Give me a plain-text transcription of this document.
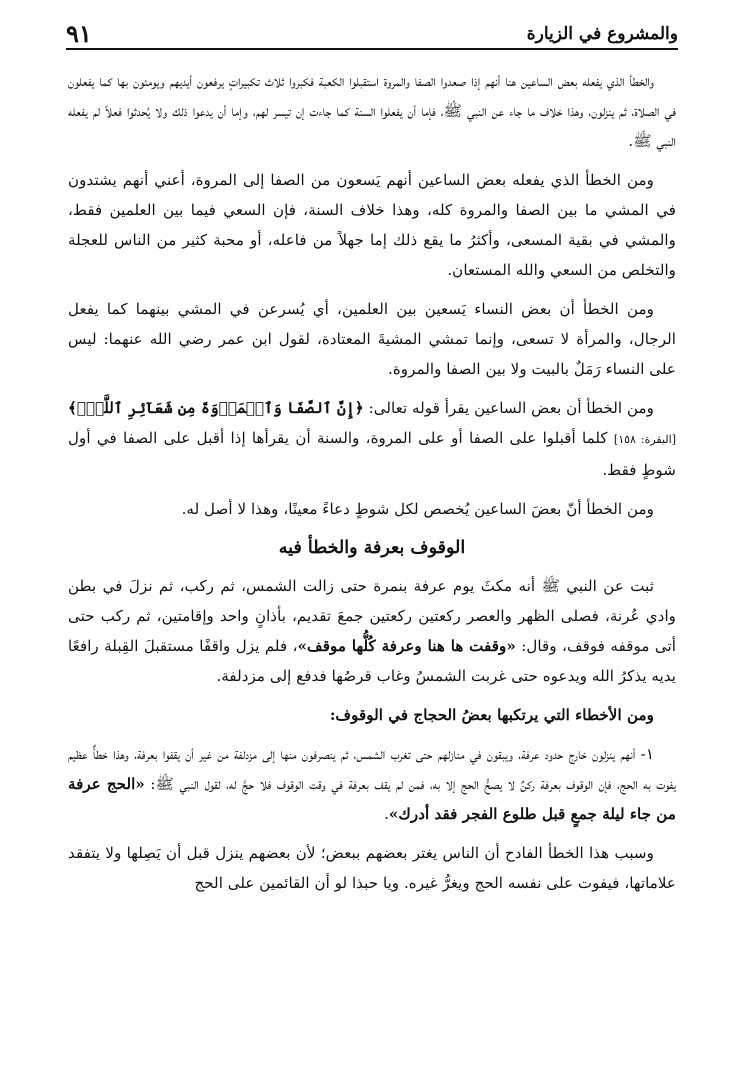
والمشروع في الزيارة
٩١

والخطأ الذي يفعله بعض الساعين هنا أنهم إذا صعدوا الصفا والمروة استقبلوا الكعبة فكبروا ثلاث تكبيراتٍ يرفعون أيديهم ويومئون بها كما يفعلون في الصلاة، ثم ينزلون، وهذا خلاف ما جاء عن النبي ﷺ، فإما أن يفعلوا السنة كما جاءت إن تيسر لهم، وإما أن يدعوا ذلك ولا يُحدثوا فعلاً لم يفعله النبي ﷺ.

ومن الخطأ الذي يفعله بعض الساعين أنهم يَسعون من الصفا إلى المروة، أعني أنهم يشتدون في المشي ما بين الصفا والمروة كله، وهذا خلاف السنة، فإن السعي فيما بين العلمين فقط، والمشي في بقية المسعى، وأكثرُ ما يقع ذلك إما جهلاً من فاعله، أو محبة كثير من الناس للعجلة والتخلص من السعي والله المستعان.

ومن الخطأ أن بعض النساء يَسعين بين العلمين، أي يُسرعن في المشي بينهما كما يفعل الرجال، والمرأة لا تسعى، وإنما تمشي المشيةَ المعتادة، لقول ابن عمر رضي الله عنهما: ليس على النساء رَمَلٌ بالبيت ولا بين الصفا والمروة.

ومن الخطأ أن بعض الساعين يقرأ قوله تعالى: ﴿إِنَّ ٱلصَّفَا وَٱلۡمَرۡوَةَ مِن شَعَآئِرِ ٱللَّهِۖ﴾ [البقرة: ١٥٨] كلما أقبلوا على الصفا أو على المروة، والسنة أن يقرأها إذا أقبل على الصفا في أول شوطٍ فقط.

ومن الخطأ أنّ بعضَ الساعين يُخصص لكل شوطٍ دعاءً معينًا، وهذا لا أصل له.

الوقوف بعرفة والخطأ فيه

ثبت عن النبي ﷺ أنه مكثَ يوم عرفة بنمرة حتى زالت الشمس، ثم ركب، ثم نزلَ في بطن وادي عُرنة، فصلى الظهر والعصر ركعتين ركعتين جمعَ تقديم، بأذانٍ واحد وإقامتين، ثم ركب حتى أتى موقفه فوقف، وقال: «وقفت ها هنا وعرفة كُلُّها موقف»، فلم يزل واقفًا مستقبلَ القِبلة رافعًا يديه يذكرُ الله ويدعوه حتى غربت الشمسُ وغاب قرصُها فدفع إلى مزدلفة.

ومن الأخطاء التي يرتكبها بعضُ الحجاج في الوقوف:

١- أنهم ينزلون خارج حدود عرفة، ويبقون في منازلهم حتى تغرب الشمس، ثم ينصرفون منها إلى مزدلفة من غير أن يقفوا بعرفة، وهذا خطأٌ عظيم يفوت به الحج، فإن الوقوف بعرفة ركنٌ لا يصحُّ الحج إلا به، فمن لم يقف بعرفة في وقت الوقوف فلا حجَّ له، لقول النبي ﷺ: «الحج عرفة من جاء ليلة جمعٍ قبل طلوع الفجر فقد أدرك».

وسبب هذا الخطأ الفادح أن الناس يغتر بعضهم ببعض؛ لأن بعضهم ينزل قبل أن يَصِلها ولا يتفقد علاماتها، فيفوت على نفسه الحج ويغرُّ غيره. ويا حبذا لو أن القائمين على الحج
